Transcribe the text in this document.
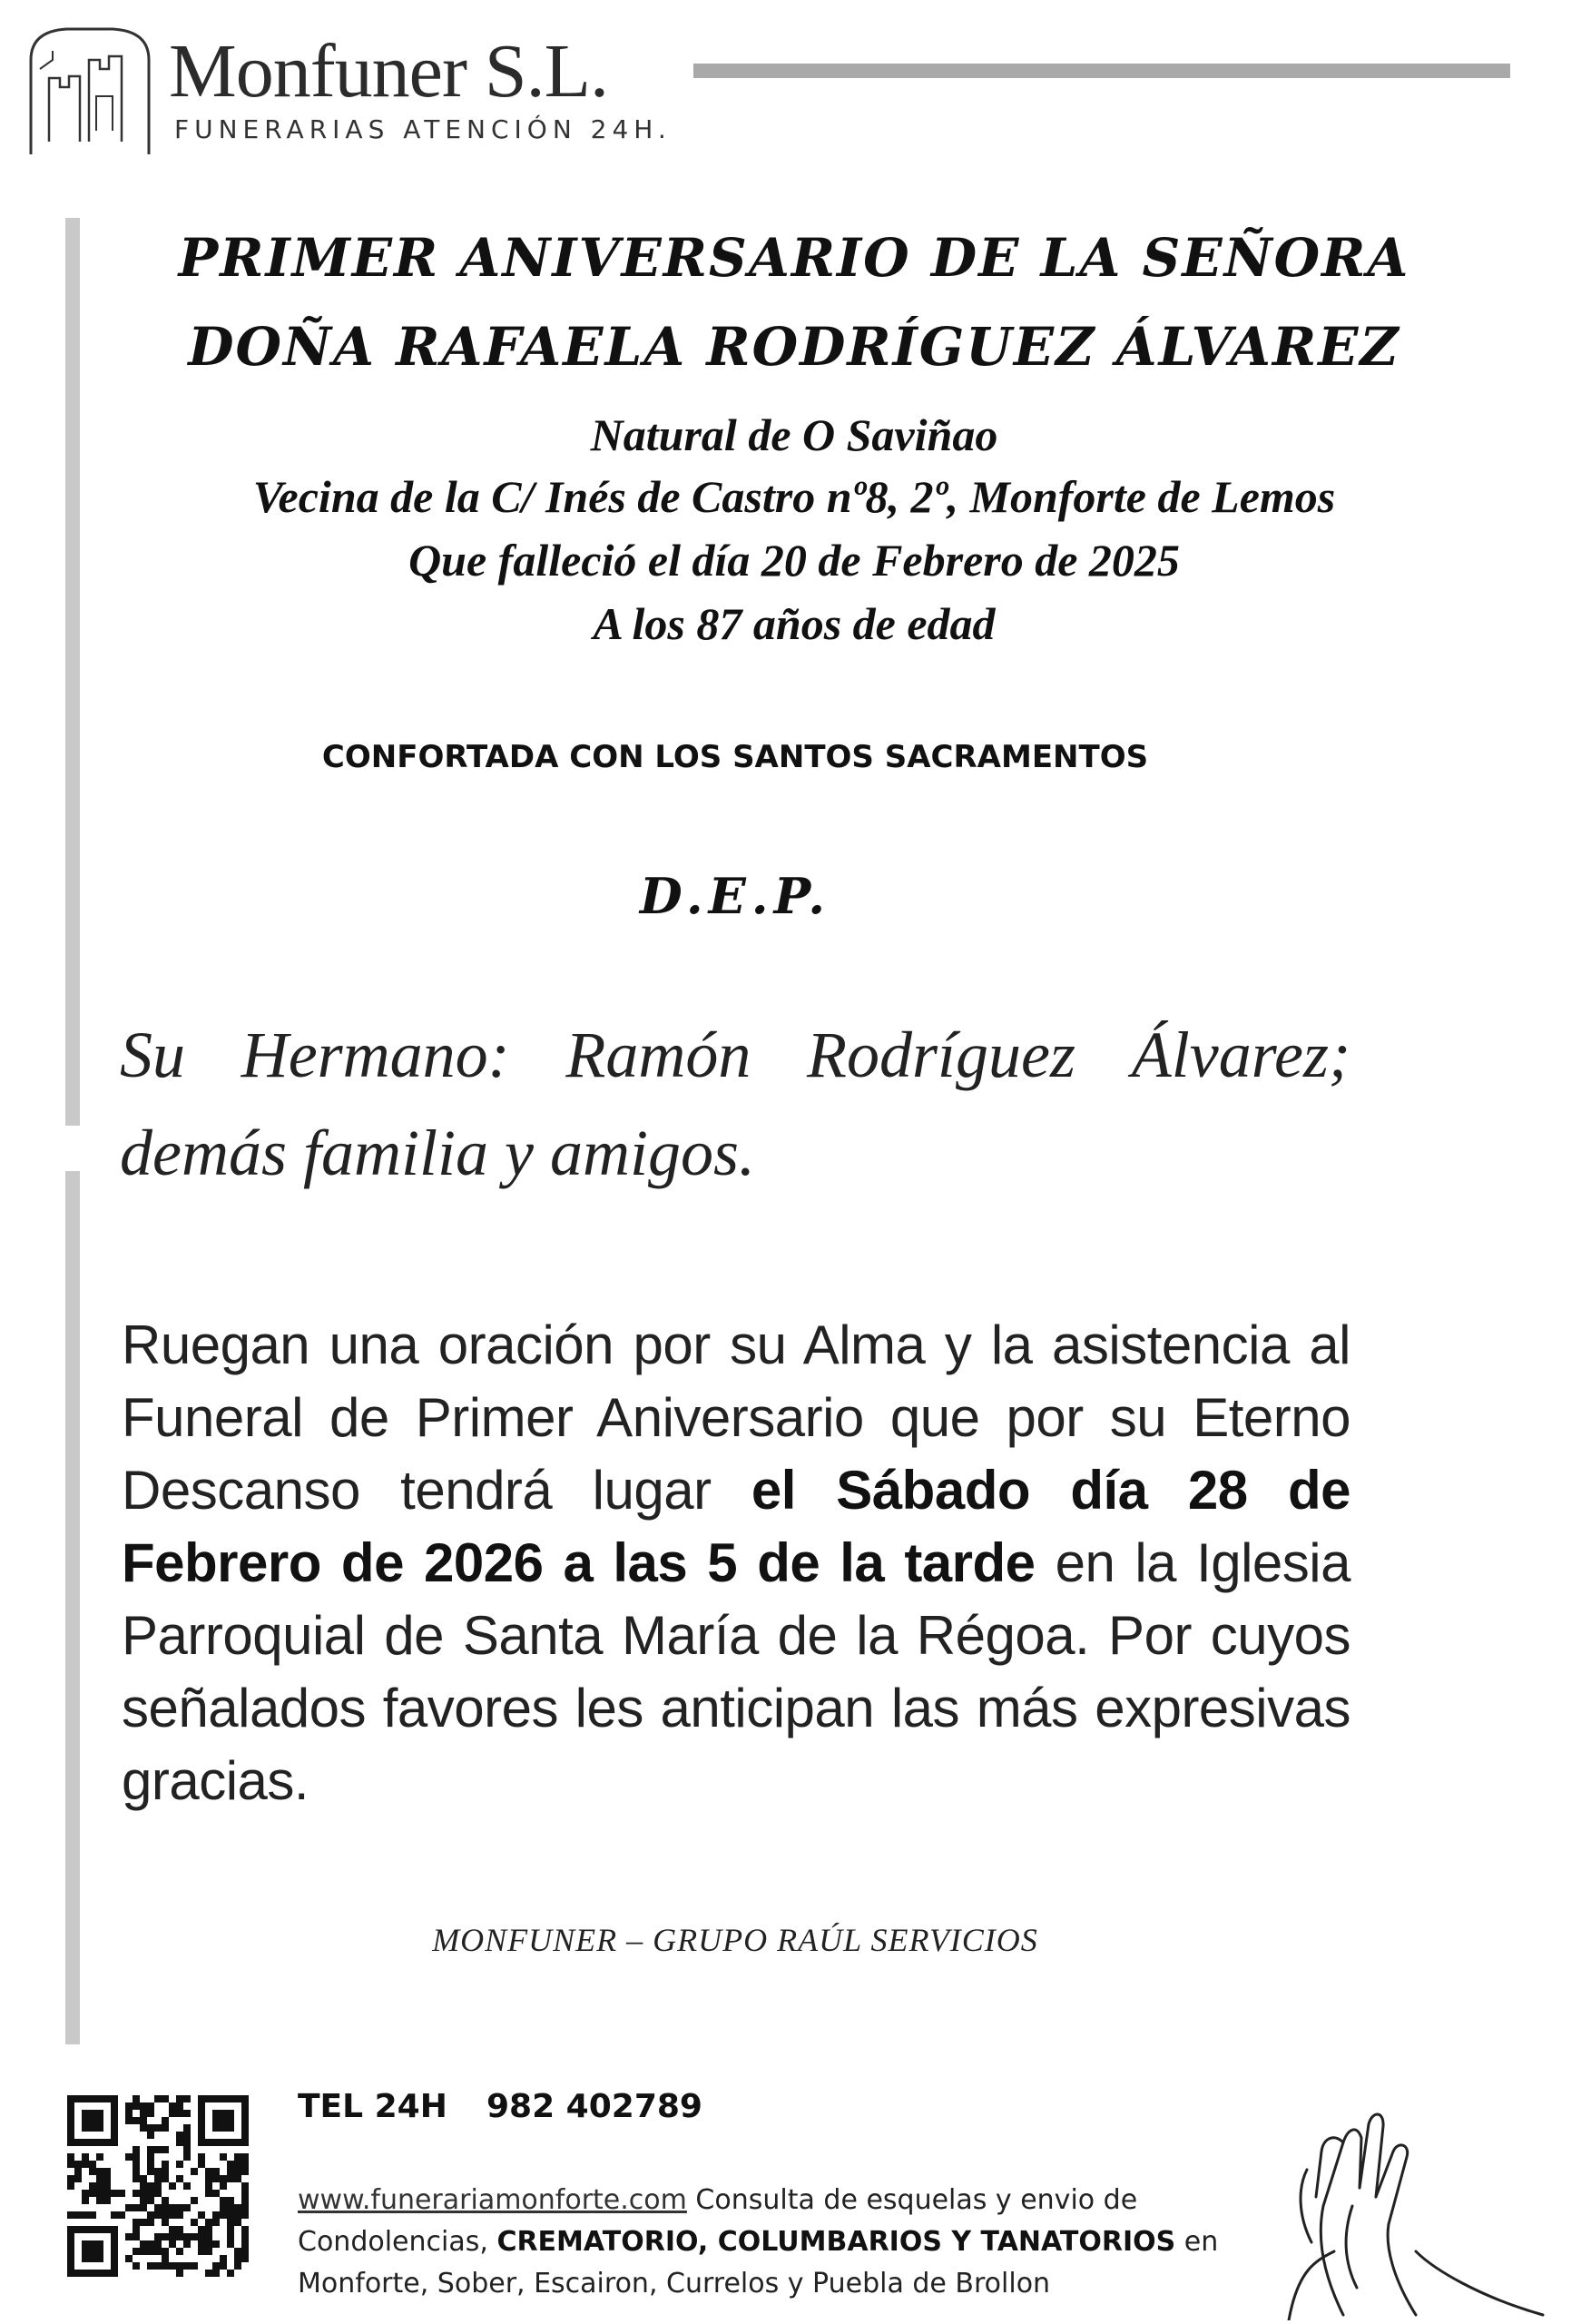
Monfuner S.L.
FUNERARIAS ATENCIÓN 24H.
PRIMER ANIVERSARIO DE LA SEÑORA
DOÑA RAFAELA RODRÍGUEZ ÁLVAREZ
Natural de O Saviñao
Vecina de la C/ Inés de Castro nº8, 2º, Monforte de Lemos
Que falleció el día 20 de Febrero de 2025
A los 87 años de edad
CONFORTADA CON LOS SANTOS SACRAMENTOS
D.E.P.
Su Hermano: Ramón Rodríguez Álvarez; demás familia y amigos.
Ruegan una oración por su Alma y la asistencia al Funeral de Primer Aniversario que por su Eterno Descanso tendrá lugar el Sábado día 28 de Febrero de 2026 a las 5 de la tarde en la Iglesia Parroquial de Santa María de la Régoa. Por cuyos señalados favores les anticipan las más expresivas gracias.
MONFUNER – GRUPO RAÚL SERVICIOS
TEL 24H 982 402789
www.funerariamonforte.com Consulta de esquelas y envio de
Condolencias, CREMATORIO, COLUMBARIOS Y TANATORIOS en
Monforte, Sober, Escairon, Currelos y Puebla de Brollon
